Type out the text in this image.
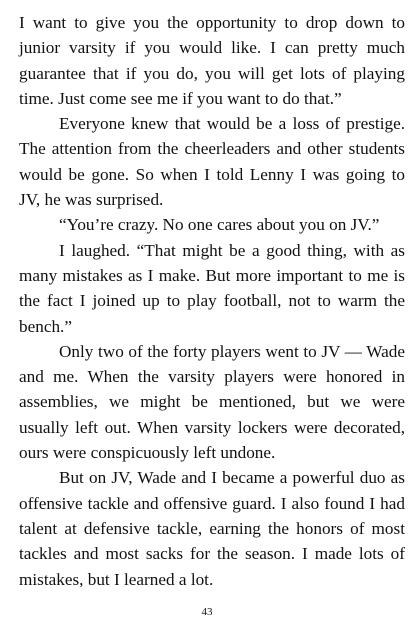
I want to give you the opportunity to drop down to junior varsity if you would like. I can pretty much guarantee that if you do, you will get lots of playing time. Just come see me if you want to do that.”

Everyone knew that would be a loss of prestige. The attention from the cheerleaders and other students would be gone. So when I told Lenny I was going to JV, he was surprised.

“You’re crazy. No one cares about you on JV.”

I laughed. “That might be a good thing, with as many mistakes as I make. But more important to me is the fact I joined up to play football, not to warm the bench.”

Only two of the forty players went to JV — Wade and me. When the varsity players were honored in assemblies, we might be mentioned, but we were usually left out. When varsity lockers were decorated, ours were conspicuously left undone.

But on JV, Wade and I became a powerful duo as offensive tackle and offensive guard. I also found I had talent at defensive tackle, earning the honors of most tackles and most sacks for the season. I made lots of mistakes, but I learned a lot.

43
